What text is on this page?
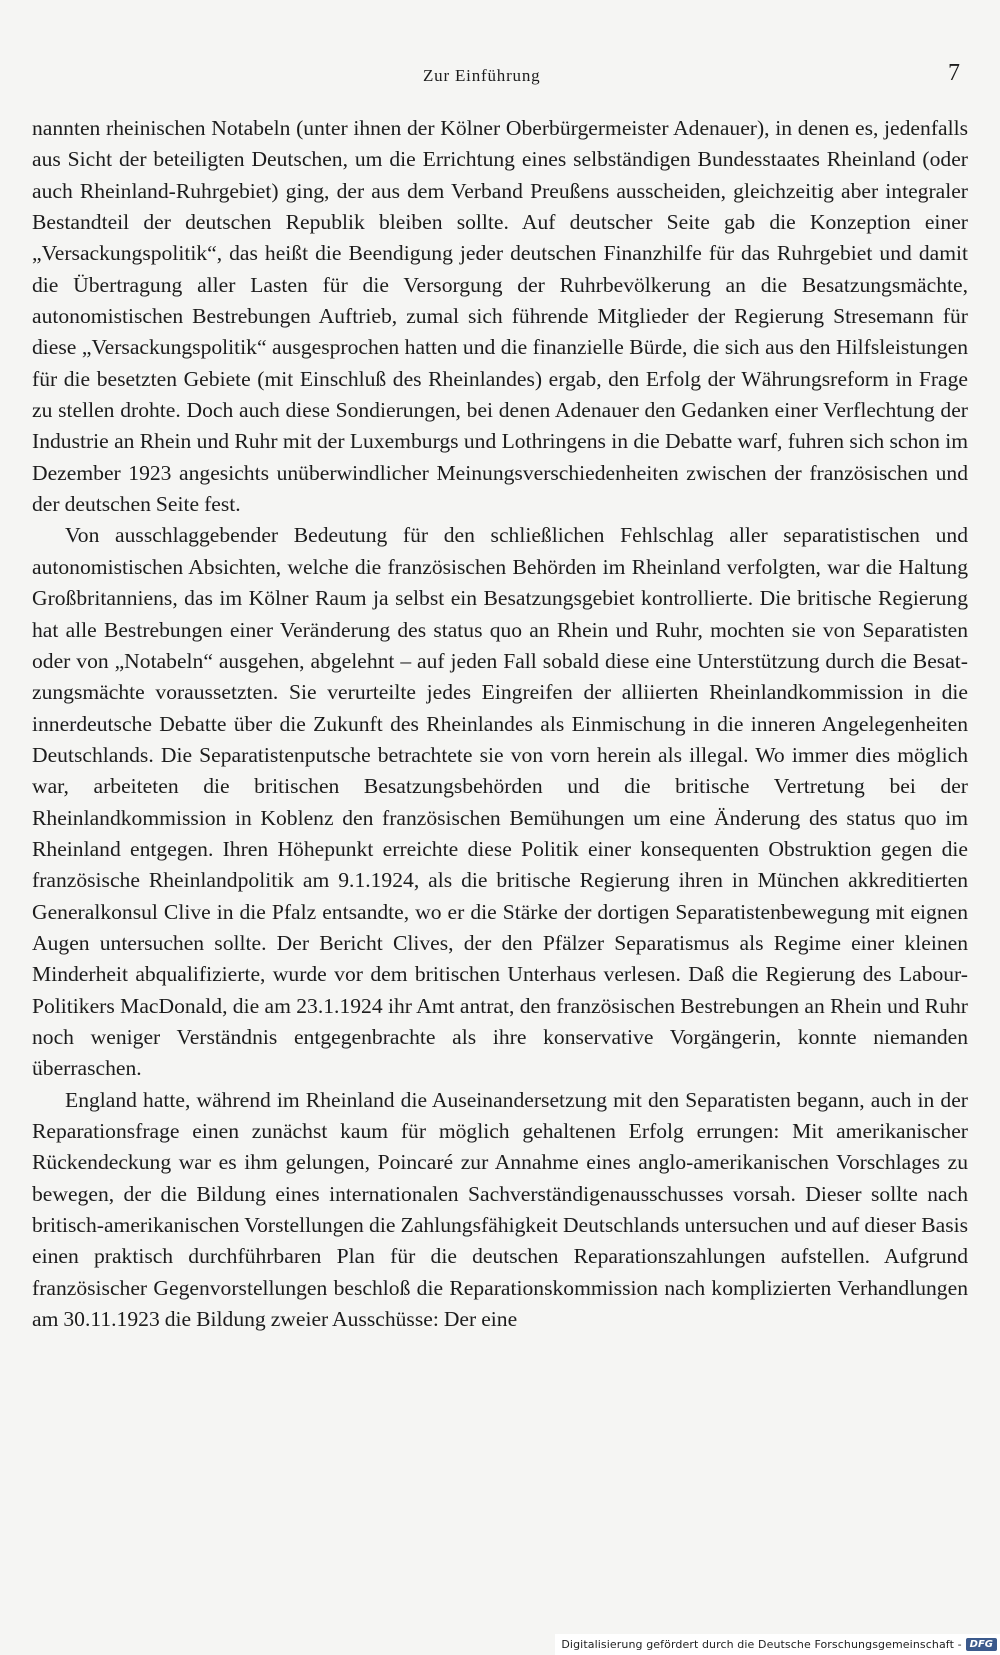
Zur Einführung	7

nannten rheinischen Notabeln (unter ihnen der Kölner Oberbürgermeister Adenauer), in denen es, jedenfalls aus Sicht der beteiligten Deutschen, um die Errichtung eines selbständigen Bundesstaates Rheinland (oder auch Rheinland-Ruhrgebiet) ging, der aus dem Verband Preußens ausscheiden, gleichzeitig aber integraler Bestandteil der deutschen Republik bleiben sollte. Auf deutscher Seite gab die Konzeption einer „Versackungspolitik“, das heißt die Beendigung jeder deutschen Finanzhilfe für das Ruhrgebiet und damit die Übertragung aller Lasten für die Versorgung der Ruhrbevölkerung an die Besatzungsmächte, autonomistischen Bestrebungen Auftrieb, zumal sich führende Mitglieder der Regierung Stresemann für diese „Versackungspolitik“ ausgesprochen hatten und die finanzielle Bürde, die sich aus den Hilfsleistungen für die besetzten Gebiete (mit Einschluß des Rheinlandes) ergab, den Erfolg der Währungsreform in Frage zu stellen drohte. Doch auch diese Sondierungen, bei denen Adenauer den Gedanken einer Verflechtung der Industrie an Rhein und Ruhr mit der Luxemburgs und Lothringens in die Debatte warf, fuhren sich schon im Dezember 1923 angesichts unüberwindlicher Meinungsverschiedenheiten zwischen der französischen und der deutschen Seite fest.

Von ausschlaggebender Bedeutung für den schließlichen Fehlschlag aller separatistischen und autonomistischen Absichten, welche die französischen Behörden im Rheinland verfolgten, war die Haltung Großbritanniens, das im Kölner Raum ja selbst ein Besatzungsgebiet kontrollierte. Die britische Regierung hat alle Bestrebungen einer Veränderung des status quo an Rhein und Ruhr, mochten sie von Separatisten oder von „Notabeln“ ausgehen, abgelehnt – auf jeden Fall sobald diese eine Unterstützung durch die Besatzungsmächte voraussetzten. Sie verurteilte jedes Eingreifen der alliierten Rheinlandkommission in die innerdeutsche Debatte über die Zukunft des Rheinlandes als Einmischung in die inneren Angelegenheiten Deutschlands. Die Separatistenputsche betrachtete sie von vorn herein als illegal. Wo immer dies möglich war, arbeiteten die britischen Besatzungsbehörden und die britische Vertretung bei der Rheinlandkommission in Koblenz den französischen Bemühungen um eine Änderung des status quo im Rheinland entgegen. Ihren Höhepunkt erreichte diese Politik einer konsequenten Obstruktion gegen die französische Rheinlandpolitik am 9.1.1924, als die britische Regierung ihren in München akkreditierten Generalkonsul Clive in die Pfalz entsandte, wo er die Stärke der dortigen Separatistenbewegung mit eignen Augen untersuchen sollte. Der Bericht Clives, der den Pfälzer Separatismus als Regime einer kleinen Minderheit abqualifizierte, wurde vor dem britischen Unterhaus verlesen. Daß die Regierung des Labour-Politikers MacDonald, die am 23.1.1924 ihr Amt antrat, den französischen Bestrebungen an Rhein und Ruhr noch weniger Verständnis entgegenbrachte als ihre konservative Vorgängerin, konnte niemanden überraschen.

England hatte, während im Rheinland die Auseinandersetzung mit den Separatisten begann, auch in der Reparationsfrage einen zunächst kaum für möglich gehaltenen Erfolg errungen: Mit amerikanischer Rückendeckung war es ihm gelungen, Poincaré zur Annahme eines anglo-amerikanischen Vorschlages zu bewegen, der die Bildung eines internationalen Sachverständigenausschusses vorsah. Dieser sollte nach britisch-amerikanischen Vorstellungen die Zahlungsfähigkeit Deutschlands untersuchen und auf dieser Basis einen praktisch durchführbaren Plan für die deutschen Reparationszahlungen aufstellen. Aufgrund französischer Gegenvorstellungen beschloß die Reparationskommission nach komplizierten Verhandlungen am 30.11.1923 die Bildung zweier Ausschüsse: Der eine

Digitalisierung gefördert durch die Deutsche Forschungsgemeinschaft - DFG
